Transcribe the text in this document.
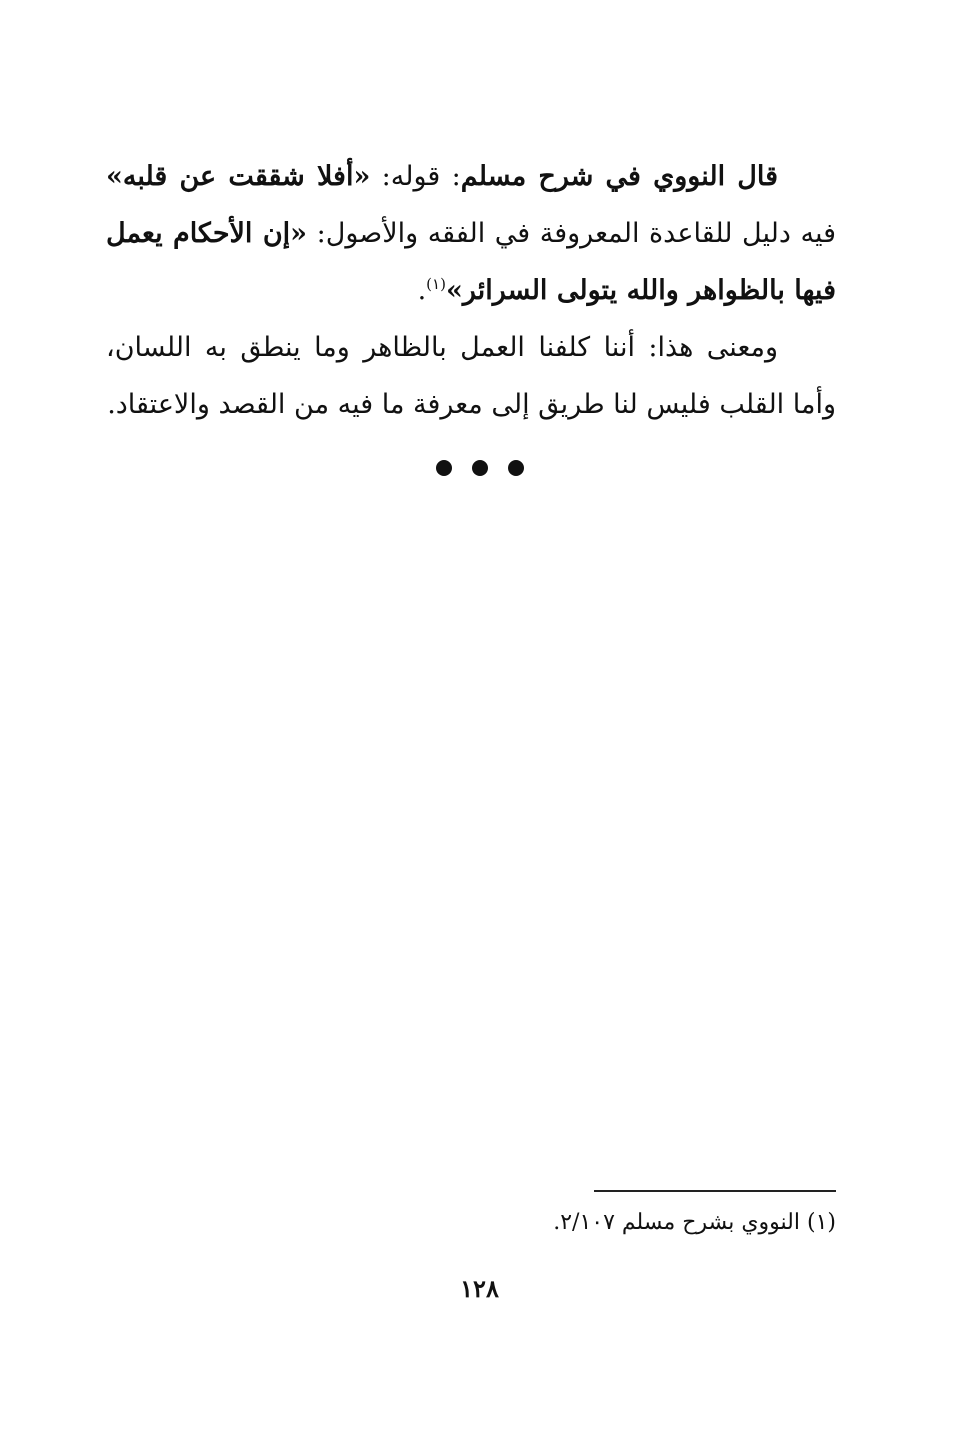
قال النووي في شرح مسلم: قوله: «أفلا شققت عن قلبه» فيه دليل للقاعدة المعروفة في الفقه والأصول: «إن الأحكام يعمل فيها بالظواهر والله يتولى السرائر»$^{(١)}$.

ومعنى هذا: أننا كلفنا العمل بالظاهر وما ينطق به اللسان، وأما القلب فليس لنا طريق إلى معرفة ما فيه من القصد والاعتقاد.

(١) النووي بشرح مسلم ٢/١٠٧.
١٢٨
